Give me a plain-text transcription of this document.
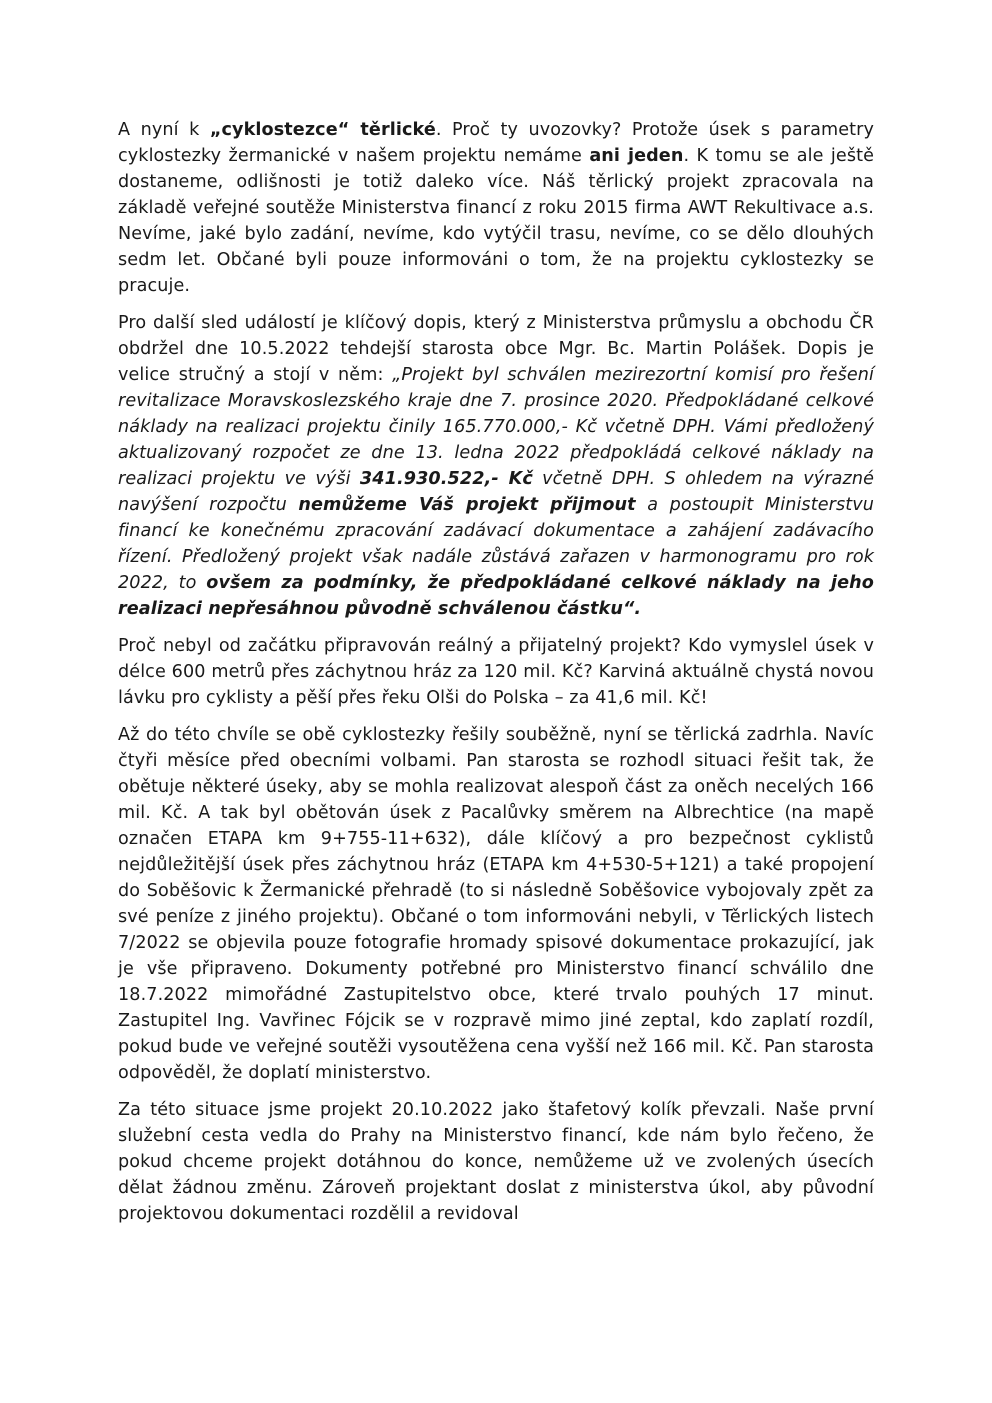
A nyní k „cyklostezce“ těrlické. Proč ty uvozovky? Protože úsek s parametry cyklostezky žermanické v našem projektu nemáme ani jeden. K tomu se ale ještě dostaneme, odlišnosti je totiž daleko více. Náš těrlický projekt zpracovala na základě veřejné soutěže Ministerstva financí z roku 2015 firma AWT Rekultivace a.s. Nevíme, jaké bylo zadání, nevíme, kdo vytýčil trasu, nevíme, co se dělo dlouhých sedm let. Občané byli pouze informováni o tom, že na projektu cyklostezky se pracuje.

Pro další sled událostí je klíčový dopis, který z Ministerstva průmyslu a obchodu ČR obdržel dne 10.5.2022 tehdejší starosta obce Mgr. Bc. Martin Polášek. Dopis je velice stručný a stojí v něm: „Projekt byl schválen mezirezortní komisí pro řešení revitalizace Moravskoslezského kraje dne 7. prosince 2020. Předpokládané celkové náklady na realizaci projektu činily 165.770.000,- Kč včetně DPH. Vámi předložený aktualizovaný rozpočet ze dne 13. ledna 2022 předpokládá celkové náklady na realizaci projektu ve výši 341.930.522,- Kč včetně DPH. S ohledem na výrazné navýšení rozpočtu nemůžeme Váš projekt přijmout a postoupit Ministerstvu financí ke konečnému zpracování zadávací dokumentace a zahájení zadávacího řízení. Předložený projekt však nadále zůstává zařazen v harmonogramu pro rok 2022, to ovšem za podmínky, že předpokládané celkové náklady na jeho realizaci nepřesáhnou původně schválenou částku“.

Proč nebyl od začátku připravován reálný a přijatelný projekt? Kdo vymyslel úsek v délce 600 metrů přes záchytnou hráz za 120 mil. Kč? Karviná aktuálně chystá novou lávku pro cyklisty a pěší přes řeku Olši do Polska – za 41,6 mil. Kč!

Až do této chvíle se obě cyklostezky řešily souběžně, nyní se těrlická zadrhla. Navíc čtyři měsíce před obecními volbami. Pan starosta se rozhodl situaci řešit tak, že obětuje některé úseky, aby se mohla realizovat alespoň část za oněch necelých 166 mil. Kč. A tak byl obětován úsek z Pacalůvky směrem na Albrechtice (na mapě označen ETAPA km 9+755-11+632), dále klíčový a pro bezpečnost cyklistů nejdůležitější úsek přes záchytnou hráz (ETAPA km 4+530-5+121) a také propojení do Soběšovic k Žermanické přehradě (to si následně Soběšovice vybojovaly zpět za své peníze z jiného projektu). Občané o tom informováni nebyli, v Těrlických listech 7/2022 se objevila pouze fotografie hromady spisové dokumentace prokazující, jak je vše připraveno. Dokumenty potřebné pro Ministerstvo financí schválilo dne 18.7.2022 mimořádné Zastupitelstvo obce, které trvalo pouhých 17 minut. Zastupitel Ing. Vavřinec Fójcik se v rozpravě mimo jiné zeptal, kdo zaplatí rozdíl, pokud bude ve veřejné soutěži vysoutěžena cena vyšší než 166 mil. Kč. Pan starosta odpověděl, že doplatí ministerstvo.

Za této situace jsme projekt 20.10.2022 jako štafetový kolík převzali. Naše první služební cesta vedla do Prahy na Ministerstvo financí, kde nám bylo řečeno, že pokud chceme projekt dotáhnou do konce, nemůžeme už ve zvolených úsecích dělat žádnou změnu. Zároveň projektant doslat z ministerstva úkol, aby původní projektovou dokumentaci rozdělil a revidoval
